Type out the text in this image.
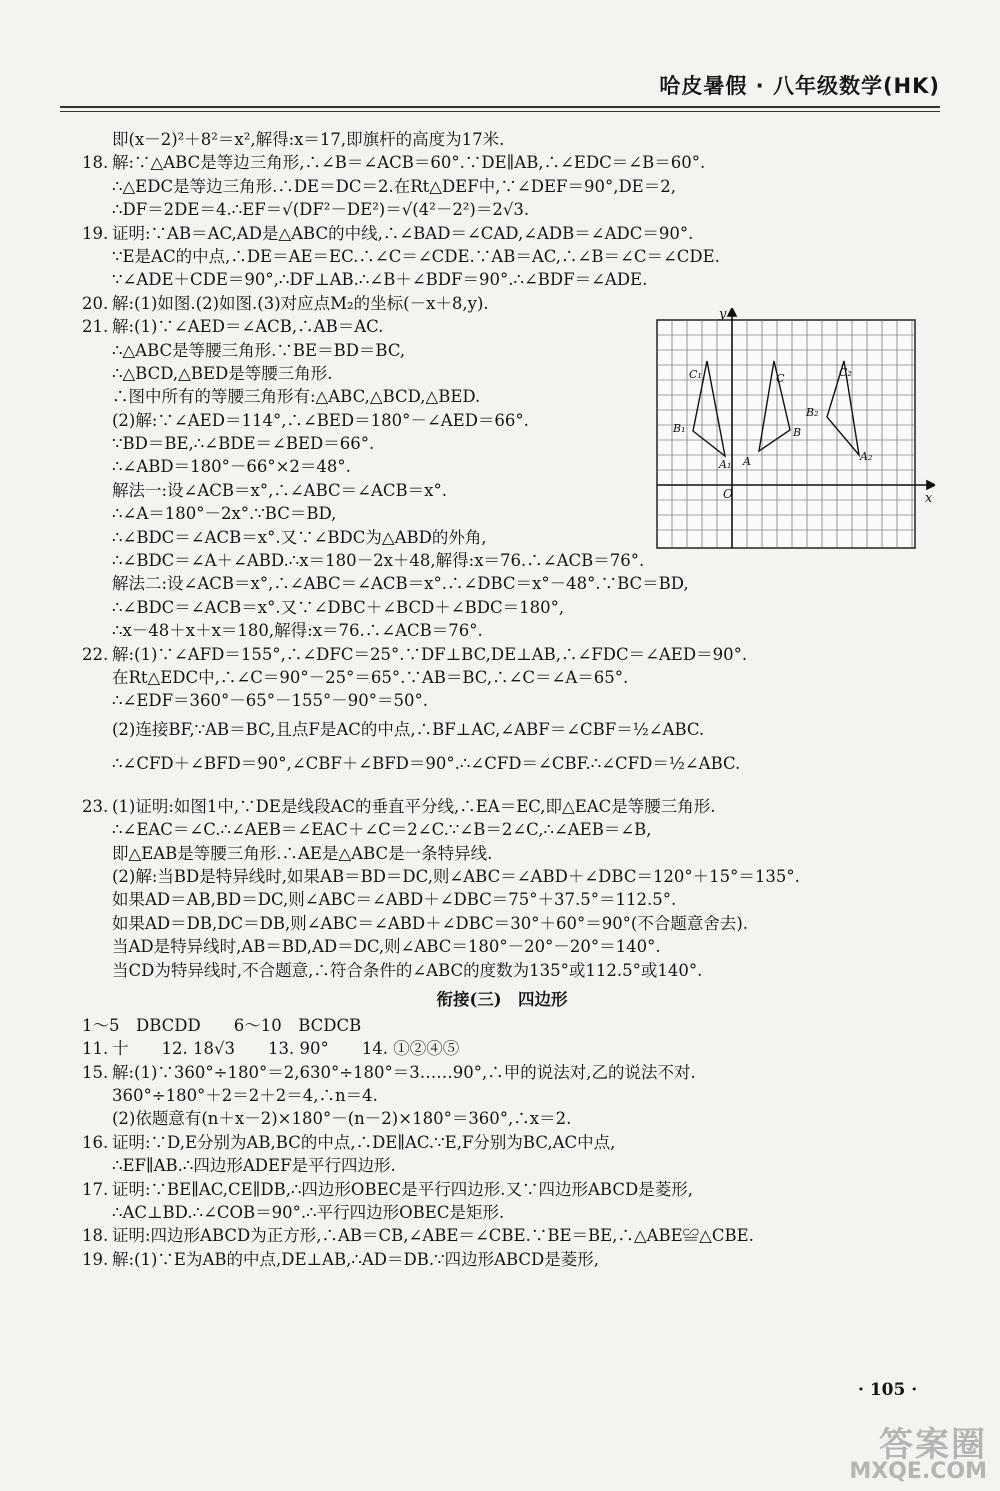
哈皮暑假 · 八年级数学(HK)
即(x－2)²＋8²＝x²,解得:x＝17,即旗杆的高度为17米.
18. 解:∵△ABC是等边三角形,∴∠B＝∠ACB＝60°.∵DE∥AB,∴∠EDC＝∠B＝60°.
∴△EDC是等边三角形.∴DE＝DC＝2.在Rt△DEF中,∵∠DEF＝90°,DE＝2,
∴DF＝2DE＝4.∴EF＝√(DF²－DE²)＝√(4²－2²)＝2√3.
19. 证明:∵AB＝AC,AD是△ABC的中线,∴∠BAD＝∠CAD,∠ADB＝∠ADC＝90°.
∵E是AC的中点,∴DE＝AE＝EC.∴∠C＝∠CDE.∵AB＝AC,∴∠B＝∠C＝∠CDE.
∵∠ADE＋CDE＝90°,∴DF⊥AB.∴∠B＋∠BDF＝90°.∴∠BDF＝∠ADE.
20. 解:(1)如图.(2)如图.(3)对应点M₂的坐标(－x＋8,y).
21. 解:(1)∵∠AED＝∠ACB,∴AB＝AC.
∴△ABC是等腰三角形.∵BE＝BD＝BC,
∴△BCD,△BED是等腰三角形.
∴图中所有的等腰三角形有:△ABC,△BCD,△BED.
(2)解:∵∠AED＝114°,∴∠BED＝180°－∠AED＝66°.
∵BD＝BE,∴∠BDE＝∠BED＝66°.
∴∠ABD＝180°－66°×2＝48°.
解法一:设∠ACB＝x°,∴∠ABC＝∠ACB＝x°.
∴∠A＝180°－2x°.∵BC＝BD,
∴∠BDC＝∠ACB＝x°.又∵∠BDC为△ABD的外角,
∴∠BDC＝∠A＋∠ABD.∴x＝180－2x＋48,解得:x＝76.∴∠ACB＝76°.
解法二:设∠ACB＝x°,∴∠ABC＝∠ACB＝x°.∴∠DBC＝x°－48°.∵BC＝BD,
∴∠BDC＝∠ACB＝x°.又∵∠DBC＋∠BCD＋∠BDC＝180°,
∴x－48＋x＋x＝180,解得:x＝76.∴∠ACB＝76°.
22. 解:(1)∵∠AFD＝155°,∴∠DFC＝25°.∵DF⊥BC,DE⊥AB,∴∠FDC＝∠AED＝90°.
在Rt△EDC中,∴∠C＝90°－25°＝65°.∵AB＝BC,∴∠C＝∠A＝65°.
∴∠EDF＝360°－65°－155°－90°＝50°.
(2)连接BF,∵AB＝BC,且点F是AC的中点,∴BF⊥AC,∠ABF＝∠CBF＝½∠ABC.
∴∠CFD＋∠BFD＝90°,∠CBF＋∠BFD＝90°.∴∠CFD＝∠CBF.∴∠CFD＝½∠ABC.
23. (1)证明:如图1中,∵DE是线段AC的垂直平分线,∴EA＝EC,即△EAC是等腰三角形.
∴∠EAC＝∠C.∴∠AEB＝∠EAC＋∠C＝2∠C.∵∠B＝2∠C,∴∠AEB＝∠B,
即△EAB是等腰三角形.∴AE是△ABC是一条特异线.
(2)解:当BD是特异线时,如果AB＝BD＝DC,则∠ABC＝∠ABD＋∠DBC＝120°＋15°＝135°.
如果AD＝AB,BD＝DC,则∠ABC＝∠ABD＋∠DBC＝75°＋37.5°＝112.5°.
如果AD＝DB,DC＝DB,则∠ABC＝∠ABD＋∠DBC＝30°＋60°＝90°(不合题意舍去).
当AD是特异线时,AB＝BD,AD＝DC,则∠ABC＝180°－20°－20°＝140°.
当CD为特异线时,不合题意,∴符合条件的∠ABC的度数为135°或112.5°或140°.
衔接(三)　四边形
1～5　DBCDD　　6～10　BCDCB
11. 十　　12. 18√3　　13. 90°　　14. ①②④⑤
15. 解:(1)∵360°÷180°＝2,630°÷180°＝3……90°,∴甲的说法对,乙的说法不对.
360°÷180°＋2＝2＋2＝4,∴n＝4.
(2)依题意有(n＋x－2)×180°－(n－2)×180°＝360°,∴x＝2.
16. 证明:∵D,E分别为AB,BC的中点,∴DE∥AC.∵E,F分别为BC,AC中点,
∴EF∥AB.∴四边形ADEF是平行四边形.
17. 证明:∵BE∥AC,CE∥DB,∴四边形OBEC是平行四边形.又∵四边形ABCD是菱形,
∴AC⊥BD.∴∠COB＝90°.∴平行四边形OBEC是矩形.
18. 证明:四边形ABCD为正方形,∴AB＝CB,∠ABE＝∠CBE.∵BE＝BE,∴△ABE≌△CBE.
19. 解:(1)∵E为AB的中点,DE⊥AB,∴AD＝DB.∵四边形ABCD是菱形,
x
y
O
C₁	C	C₂
B₁	B
B₂
A₁ A	A₂
· 105 ·
答案圈
MXQE.COM
